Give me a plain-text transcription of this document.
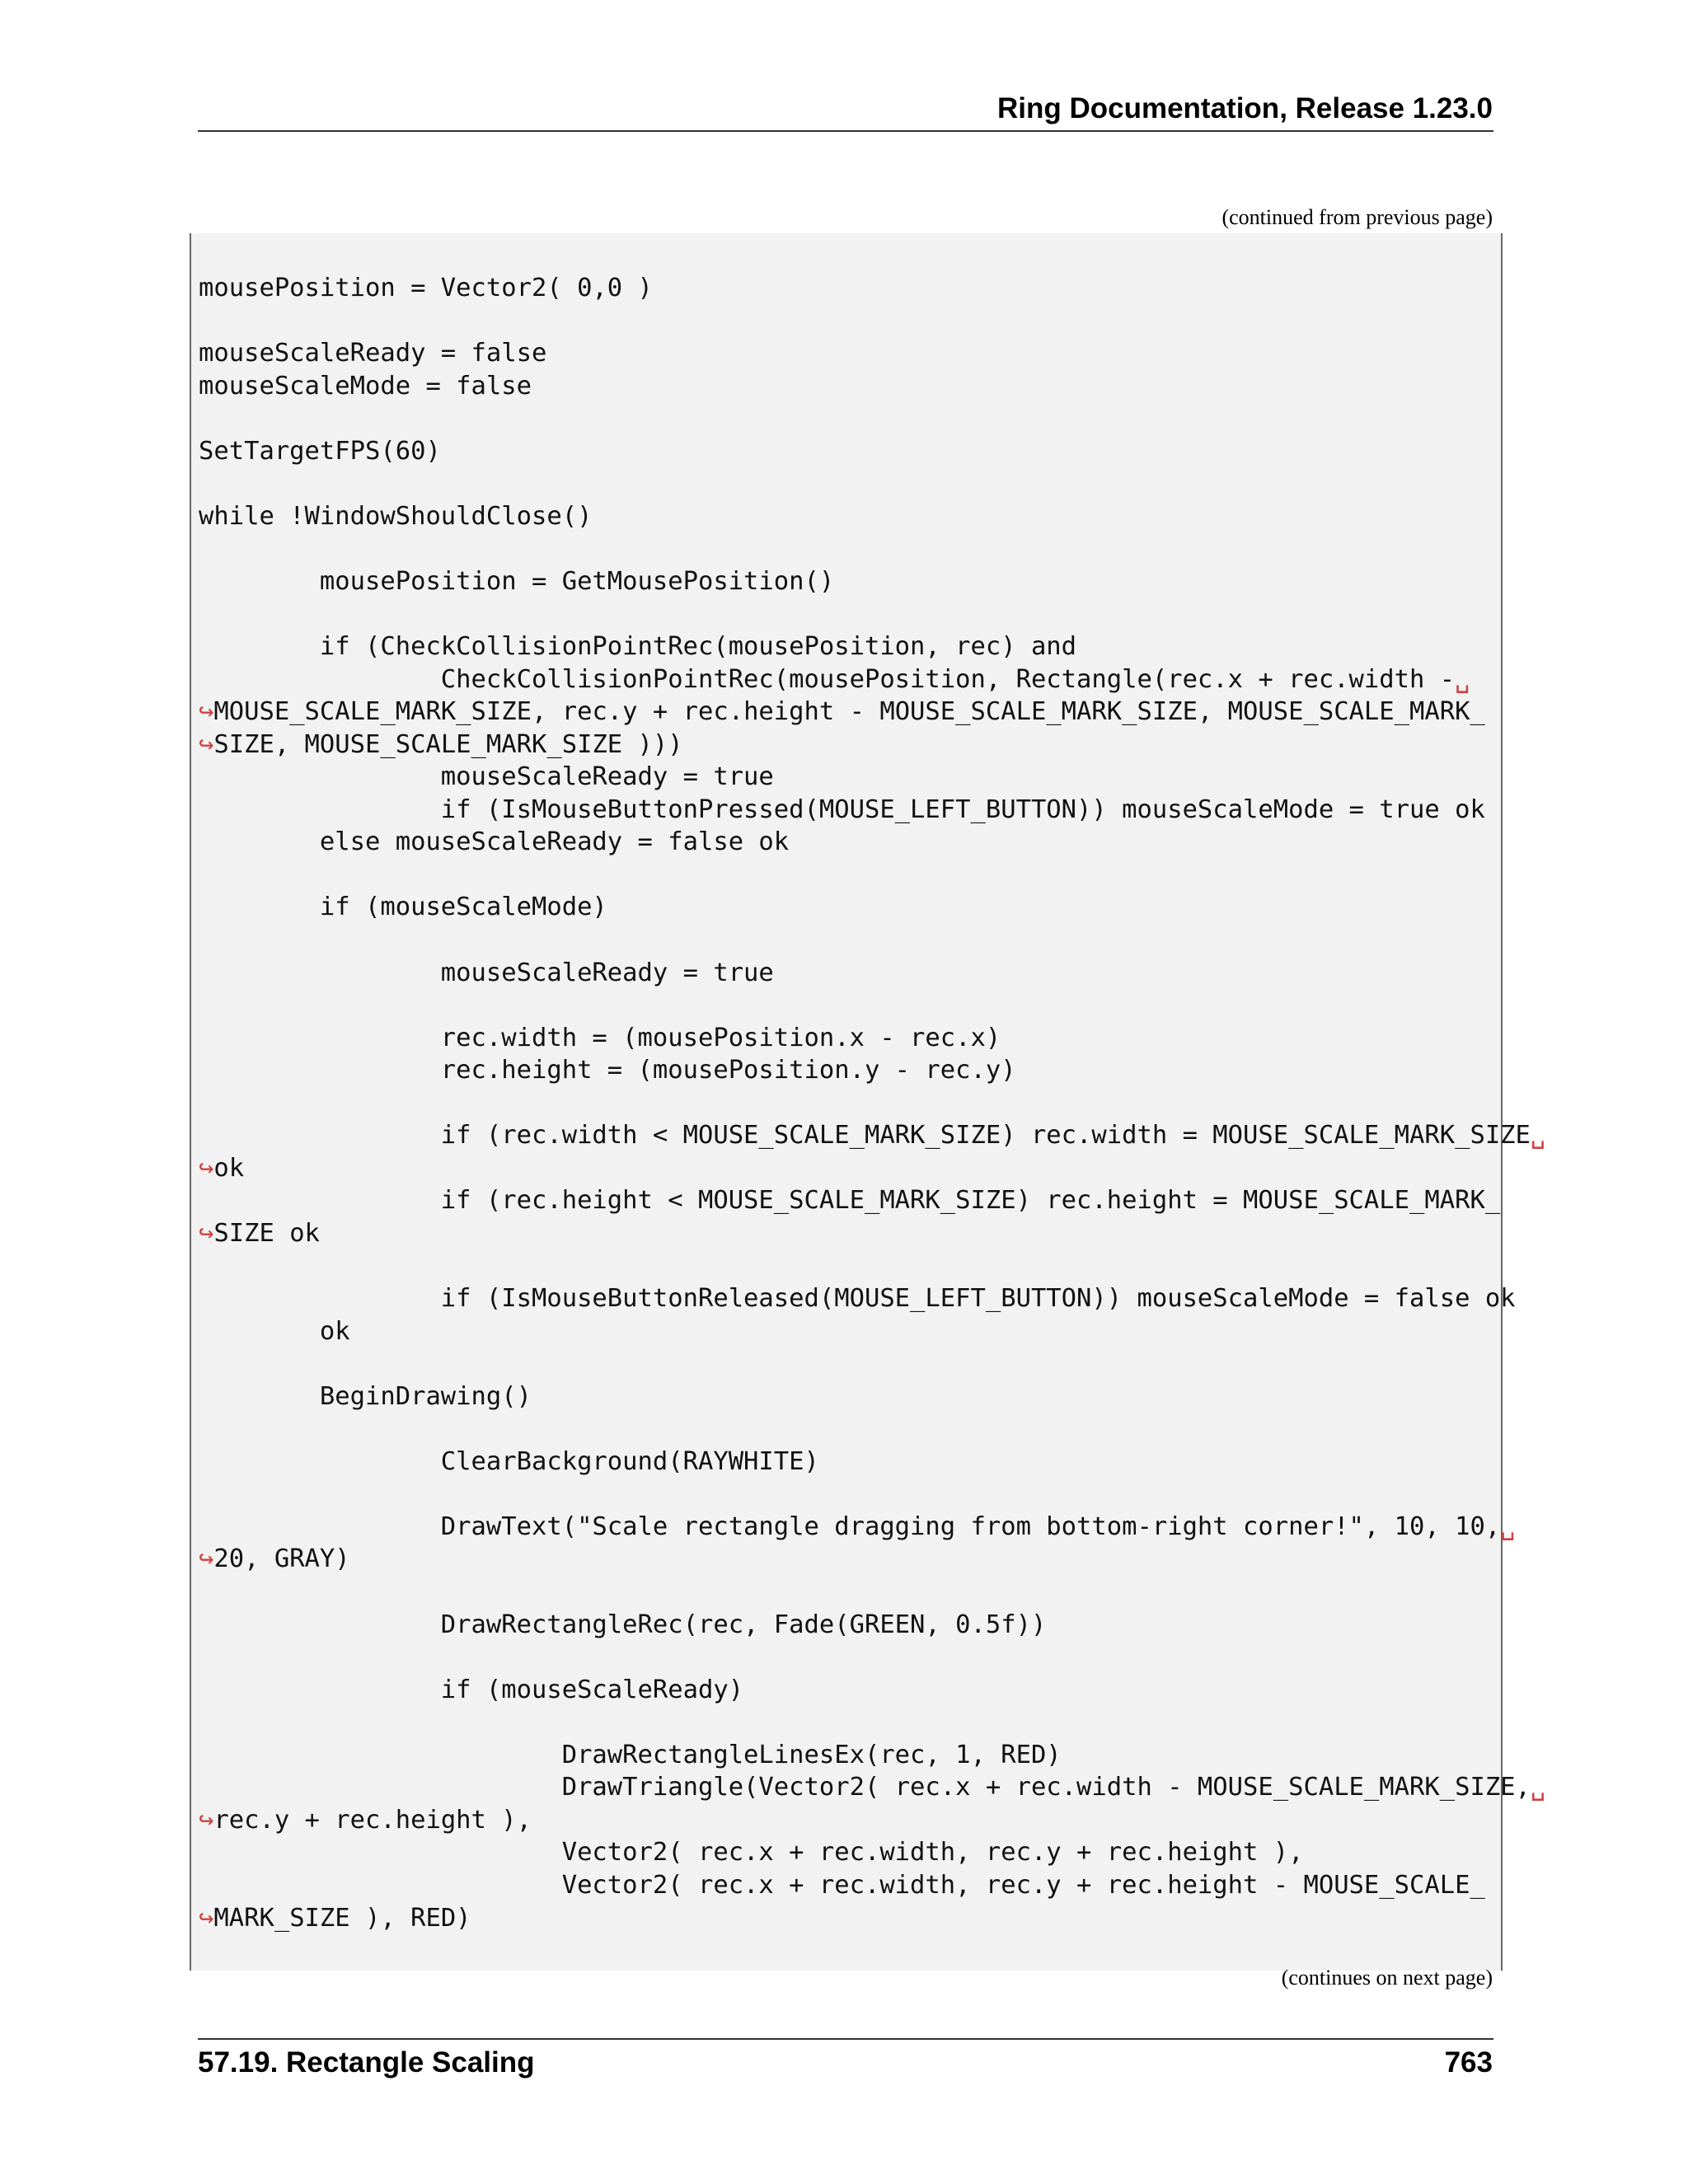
Ring Documentation, Release 1.23.0
(continued from previous page)
mousePosition = Vector2( 0,0 )
mouseScaleReady = false
mouseScaleMode = false
SetTargetFPS(60)
while !WindowShouldClose()
mousePosition = GetMousePosition()
if (CheckCollisionPointRec(mousePosition, rec) and
CheckCollisionPointRec(mousePosition, Rectangle(rec.x + rec.width -␣
↪MOUSE_SCALE_MARK_SIZE, rec.y + rec.height - MOUSE_SCALE_MARK_SIZE, MOUSE_SCALE_MARK_
↪SIZE, MOUSE_SCALE_MARK_SIZE )))
mouseScaleReady = true
if (IsMouseButtonPressed(MOUSE_LEFT_BUTTON)) mouseScaleMode = true ok
else mouseScaleReady = false ok
if (mouseScaleMode)
mouseScaleReady = true
rec.width = (mousePosition.x - rec.x)
rec.height = (mousePosition.y - rec.y)
if (rec.width < MOUSE_SCALE_MARK_SIZE) rec.width = MOUSE_SCALE_MARK_SIZE␣
↪ok
if (rec.height < MOUSE_SCALE_MARK_SIZE) rec.height = MOUSE_SCALE_MARK_
↪SIZE ok
if (IsMouseButtonReleased(MOUSE_LEFT_BUTTON)) mouseScaleMode = false ok
ok
BeginDrawing()
ClearBackground(RAYWHITE)
DrawText("Scale rectangle dragging from bottom-right corner!", 10, 10,␣
↪20, GRAY)
DrawRectangleRec(rec, Fade(GREEN, 0.5f))
if (mouseScaleReady)
DrawRectangleLinesEx(rec, 1, RED)
DrawTriangle(Vector2( rec.x + rec.width - MOUSE_SCALE_MARK_SIZE,␣
↪rec.y + rec.height ),
Vector2( rec.x + rec.width, rec.y + rec.height ),
Vector2( rec.x + rec.width, rec.y + rec.height - MOUSE_SCALE_
↪MARK_SIZE ), RED)
(continues on next page)
57.19. Rectangle Scaling	763
